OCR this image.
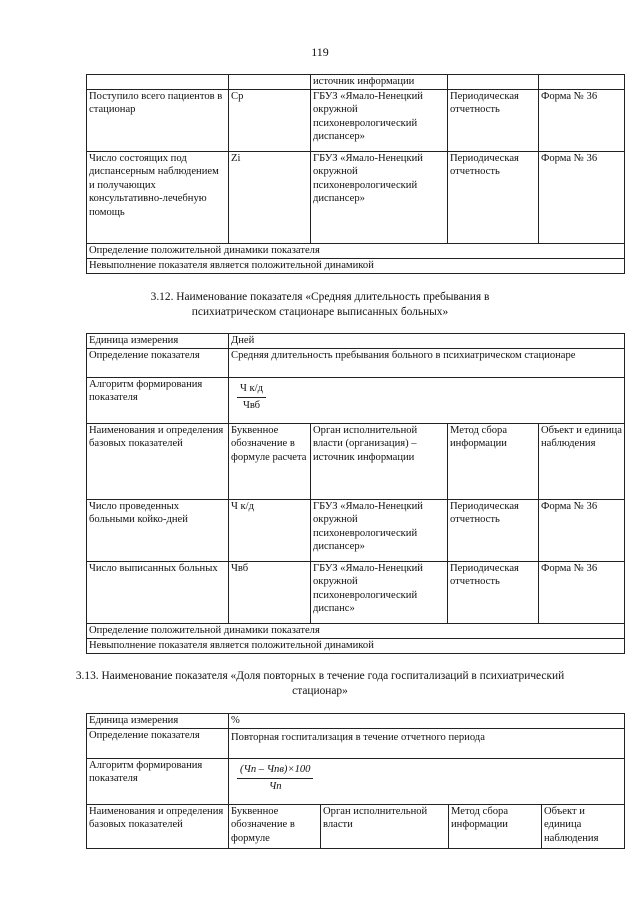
119
		источник информации		
Поступило всего пациентов в стационар	Ср	ГБУЗ «Ямало-Ненецкий окружной психоневрологический диспансер»	Периодическая отчетность	Форма № 36
Число состоящих под диспансерным наблюдением и получающих консультативно-лечебную помощь	Zi	ГБУЗ «Ямало-Ненецкий окружной психоневрологический диспансер»	Периодическая отчетность	Форма № 36
Определение положительной динамики показателя				
Невыполнение показателя является положительной динамикой				
3.12. Наименование показателя «Средняя длительность пребывания в психиатрическом стационаре выписанных больных»
Единица измерения	Дней			
Определение показателя	Средняя длительность пребывания больного в психиатрическом стационаре			
Алгоритм формирования показателя	$\frac{\text{Ч к/д}}{\text{Чвб}}$

Наименования и определения базовых показателей	Буквенное обозначение в формуле расчета	Орган исполнительной власти (организация) – источник информации	Метод сбора информации	Объект и единица наблюдения
Число проведенных больными койко-дней	Ч к/д	ГБУЗ «Ямало-Ненецкий окружной психоневрологический диспансер»	Периодическая отчетность	Форма № 36
Число выписанных больных	Чвб	ГБУЗ «Ямало-Ненецкий окружной психоневрологический диспанс»	Периодическая отчетность	Форма № 36
Определение положительной динамики показателя				
Невыполнение показателя является положительной динамикой				
3.13. Наименование показателя «Доля повторных в течение года госпитализаций в психиатрический стационар»
Единица измерения	%			
Определение показателя	Повторная госпитализация в течение отчетного периода			
Алгоритм формирования показателя	$\frac{\text{(Чп – Чпв)×100}}{Чп}$

Наименования и определения базовых показателей	Буквенное обозначение в формуле	Орган исполнительной власти	Метод сбора информации	Объект и единица наблюдения
